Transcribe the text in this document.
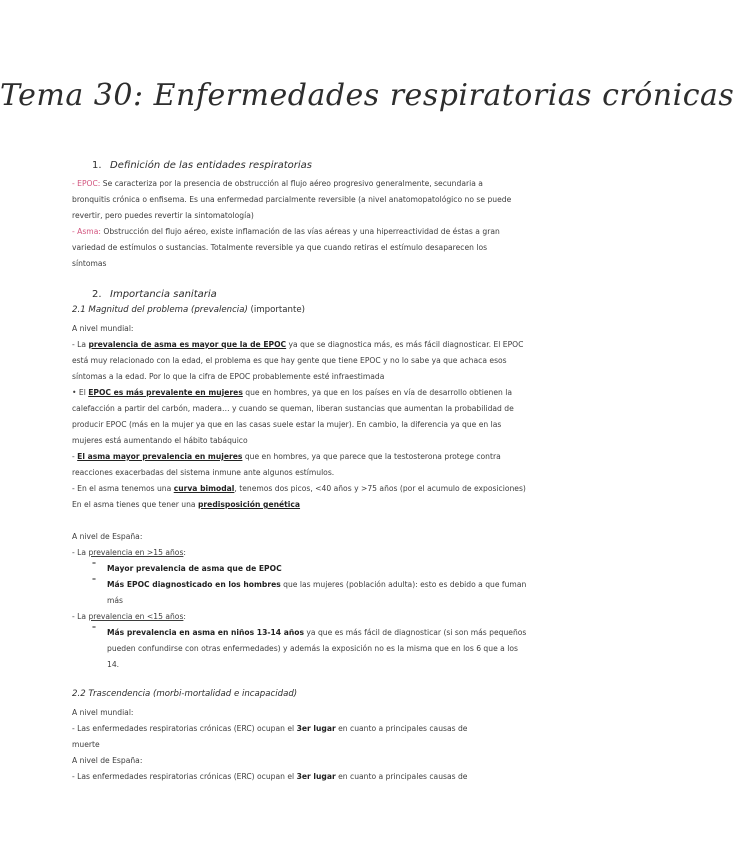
Tema 30: Enfermedades respiratorias crónicas
1. Definición de las entidades respiratorias
- EPOC: Se caracteriza por la presencia de obstrucción al flujo aéreo progresivo generalmente, secundaria a
bronquitis crónica o enfisema. Es una enfermedad parcialmente reversible (a nivel anatomopatológico no se puede
revertir, pero puedes revertir la sintomatología)
- Asma: Obstrucción del flujo aéreo, existe inflamación de las vías aéreas y una hiperreactividad de éstas a gran
variedad de estímulos o sustancias. Totalmente reversible ya que cuando retiras el estímulo desaparecen los
síntomas
2. Importancia sanitaria
2.1 Magnitud del problema (prevalencia) (importante)
A nivel mundial:
- La prevalencia de asma es mayor que la de EPOC ya que se diagnostica más, es más fácil diagnosticar. El EPOC
está muy relacionado con la edad, el problema es que hay gente que tiene EPOC y no lo sabe ya que achaca esos
síntomas a la edad. Por lo que la cifra de EPOC probablemente esté infraestimada
• El EPOC es más prevalente en mujeres que en hombres, ya que en los países en vía de desarrollo obtienen la
calefacción a partir del carbón, madera… y cuando se queman, liberan sustancias que aumentan la probabilidad de
producir EPOC (más en la mujer ya que en las casas suele estar la mujer). En cambio, la diferencia ya que en las
mujeres está aumentando el hábito tabáquico
- El asma mayor prevalencia en mujeres que en hombres, ya que parece que la testosterona protege contra
reacciones exacerbadas del sistema inmune ante algunos estímulos.
- En el asma tenemos una curva bimodal, tenemos dos picos, <40 años y >75 años (por el acumulo de exposiciones)
En el asma tienes que tener una predisposición genética
A nivel de España:
- La prevalencia en >15 años:
–
Mayor prevalencia de asma que de EPOC
–
Más EPOC diagnosticado en los hombres que las mujeres (población adulta): esto es debido a que fuman
más
- La prevalencia en <15 años:
–
Más prevalencia en asma en niños 13-14 años ya que es más fácil de diagnosticar (si son más pequeños
pueden confundirse con otras enfermedades) y además la exposición no es la misma que en los 6 que a los
14.
2.2 Trascendencia (morbi-mortalidad e incapacidad)
A nivel mundial:
- Las enfermedades respiratorias crónicas (ERC) ocupan el 3er lugar en cuanto a principales causas de
muerte
A nivel de España:
- Las enfermedades respiratorias crónicas (ERC) ocupan el 3er lugar en cuanto a principales causas de
